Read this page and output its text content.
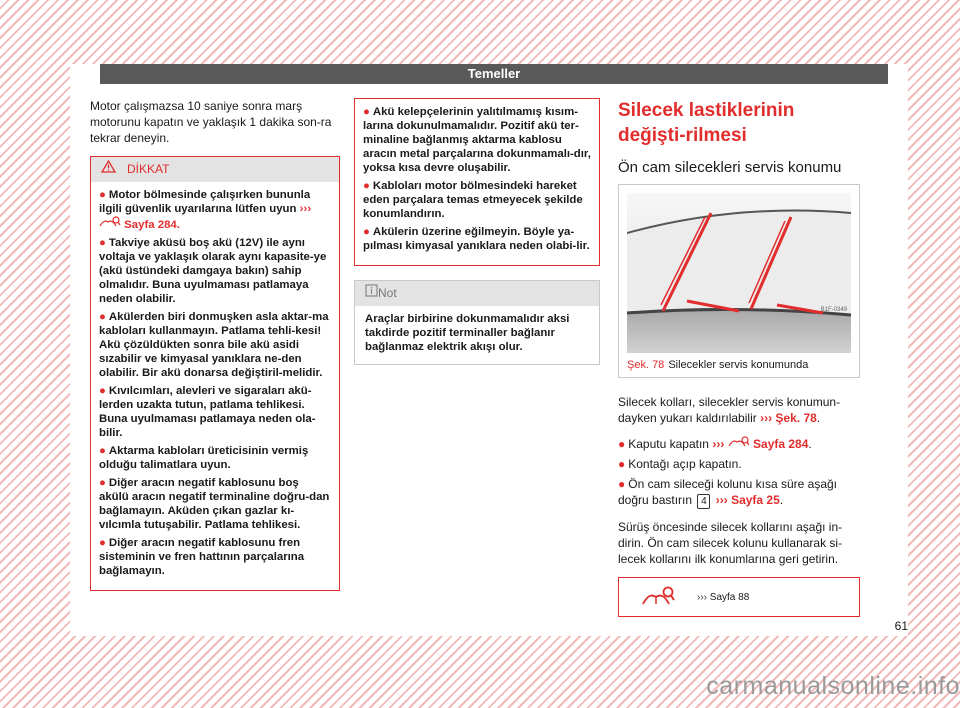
Temeller

Motor çalışmazsa 10 saniye sonra marş motorunu kapatın ve yaklaşık 1 dakika son-ra tekrar deneyin.

DİKKAT

● Motor bölmesinde çalışırken bununla ilgili güvenlik uyarılarına lütfen uyun ›››  Sayfa 284.

● Takviye aküsü boş akü (12V) ile aynı voltaja ve yaklaşık olarak aynı kapasite-ye (akü üstündeki damgaya bakın) sahip olmalıdır. Buna uyulmaması patlamaya neden olabilir.

● Akülerden biri donmuşken asla aktar-ma kabloları kullanmayın. Patlama tehli-kesi! Akü çözüldükten sonra bile akü asidi sızabilir ve kimyasal yanıklara ne-den olabilir. Bir akü donarsa değiştiril-melidir.

● Kıvılcımları, alevleri ve sigaraları akü-lerden uzakta tutun, patlama tehlikesi. Buna uyulmaması patlamaya neden ola-bilir.

● Aktarma kabloları üreticisinin vermiş olduğu talimatlara uyun.

● Diğer aracın negatif kablosunu boş akülü aracın negatif terminaline doğru-dan bağlamayın. Aküden çıkan gazlar kı-vılcımla tutuşabilir. Patlama tehlikesi.

● Diğer aracın negatif kablosunu fren sisteminin ve fren hattının parçalarına bağlamayın.

● Akü kelepçelerinin yalıtılmamış kısım-larına dokunulmamalıdır. Pozitif akü ter-minaline bağlanmış aktarma kablosu aracın metal parçalarına dokunmamalı-dır, yoksa kısa devre oluşabilir.

● Kabloları motor bölmesindeki hareket eden parçalara temas etmeyecek şekilde konumlandırın.

● Akülerin üzerine eğilmeyin. Böyle ya-pılması kimyasal yanıklara neden olabi-lir.

Not
Araçlar birbirine dokunmamalıdır aksi takdirde pozitif terminaller bağlanır bağlanmaz elektrik akışı olur.
Silecek lastiklerinin değişti-rilmesi
Ön cam silecekleri servis konumu
B1F-0349
Şek. 78 Silecekler servis konumunda

Silecek kolları, silecekler servis konumun-dayken yukarı kaldırılabilir ››› Şek. 78.

● Kaputu kapatın ››› Sayfa 284.

● Kontağı açıp kapatın.

● Ön cam sileceği kolunu kısa süre aşağı doğru bastırın 4 ››› Sayfa 25.

Sürüş öncesinde silecek kollarını aşağı in-dirin. Ön cam silecek kolunu kullanarak si-lecek kollarını ilk konumlarına geri getirin.

›››
Sayfa 88
61
carmanualsonline.info
